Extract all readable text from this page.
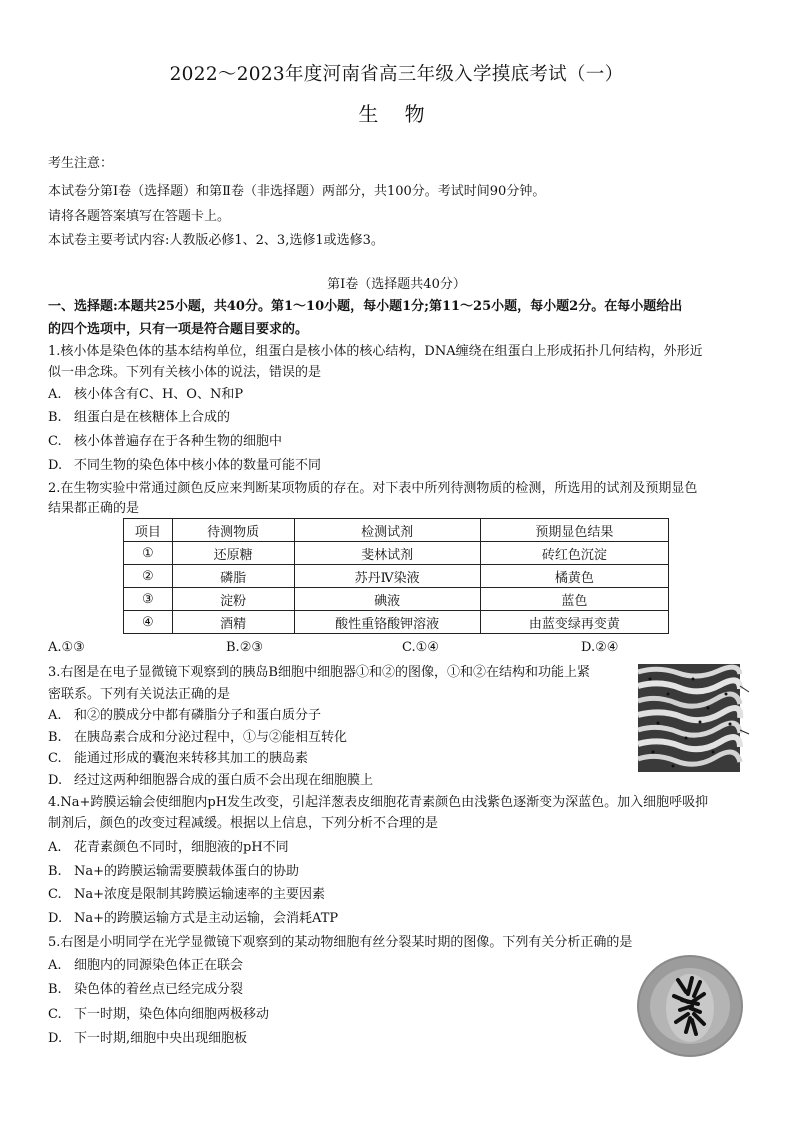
2022～2023年度河南省高三年级入学摸底考试（一）
生 物
考生注意：
本试卷分第Ⅰ卷（选择题）和第Ⅱ卷（非选择题）两部分，共100分。考试时间90分钟。
请将各题答案填写在答题卡上。
本试卷主要考试内容:人教版必修1、2、3,选修1或选修3。
第Ⅰ卷（选择题共40分）
一、选择题:本题共25小题，共40分。第1～10小题，每小题1分;第11～25小题，每小题2分。在每小题给出
的四个选项中，只有一项是符合题目要求的。
1.核小体是染色体的基本结构单位，组蛋白是核小体的核心结构，DNA缠绕在组蛋白上形成拓扑几何结构，外形近
似一串念珠。下列有关核小体的说法，错误的是
A. 核小体含有C、H、O、N和P
B. 组蛋白是在核糖体上合成的
C. 核小体普遍存在于各种生物的细胞中
D. 不同生物的染色体中核小体的数量可能不同
2.在生物实验中常通过颜色反应来判断某项物质的存在。对下表中所列待测物质的检测，所选用的试剂及预期显色
结果都正确的是
项目	待测物质	检测试剂	预期显色结果
①	还原糖	斐林试剂	砖红色沉淀
②	磷脂	苏丹Ⅳ染液	橘黄色
③	淀粉	碘液	蓝色
④	酒精	酸性重铬酸钾溶液	由蓝变绿再变黄
A.①③	B.②③	C.①④	D.②④
3.右图是在电子显微镜下观察到的胰岛B细胞中细胞器①和②的图像，①和②在结构和功能上紧
密联系。下列有关说法正确的是
A. 和②的膜成分中都有磷脂分子和蛋白质分子
B. 在胰岛素合成和分泌过程中，①与②能相互转化
C. 能通过形成的囊泡来转移其加工的胰岛素
D. 经过这两种细胞器合成的蛋白质不会出现在细胞膜上
4.Na+跨膜运输会使细胞内pH发生改变，引起洋葱表皮细胞花青素颜色由浅紫色逐渐变为深蓝色。加入细胞呼吸抑
制剂后，颜色的改变过程减缓。根据以上信息，下列分析不合理的是
A. 花青素颜色不同时，细胞液的pH不同
B. Na+的跨膜运输需要膜载体蛋白的协助
C. Na+浓度是限制其跨膜运输速率的主要因素
D. Na+的跨膜运输方式是主动运输，会消耗ATP
5.右图是小明同学在光学显微镜下观察到的某动物细胞有丝分裂某时期的图像。下列有关分析正确的是
A. 细胞内的同源染色体正在联会
B. 染色体的着丝点已经完成分裂
C. 下一时期，染色体向细胞两极移动
D. 下一时期,细胞中央出现细胞板
